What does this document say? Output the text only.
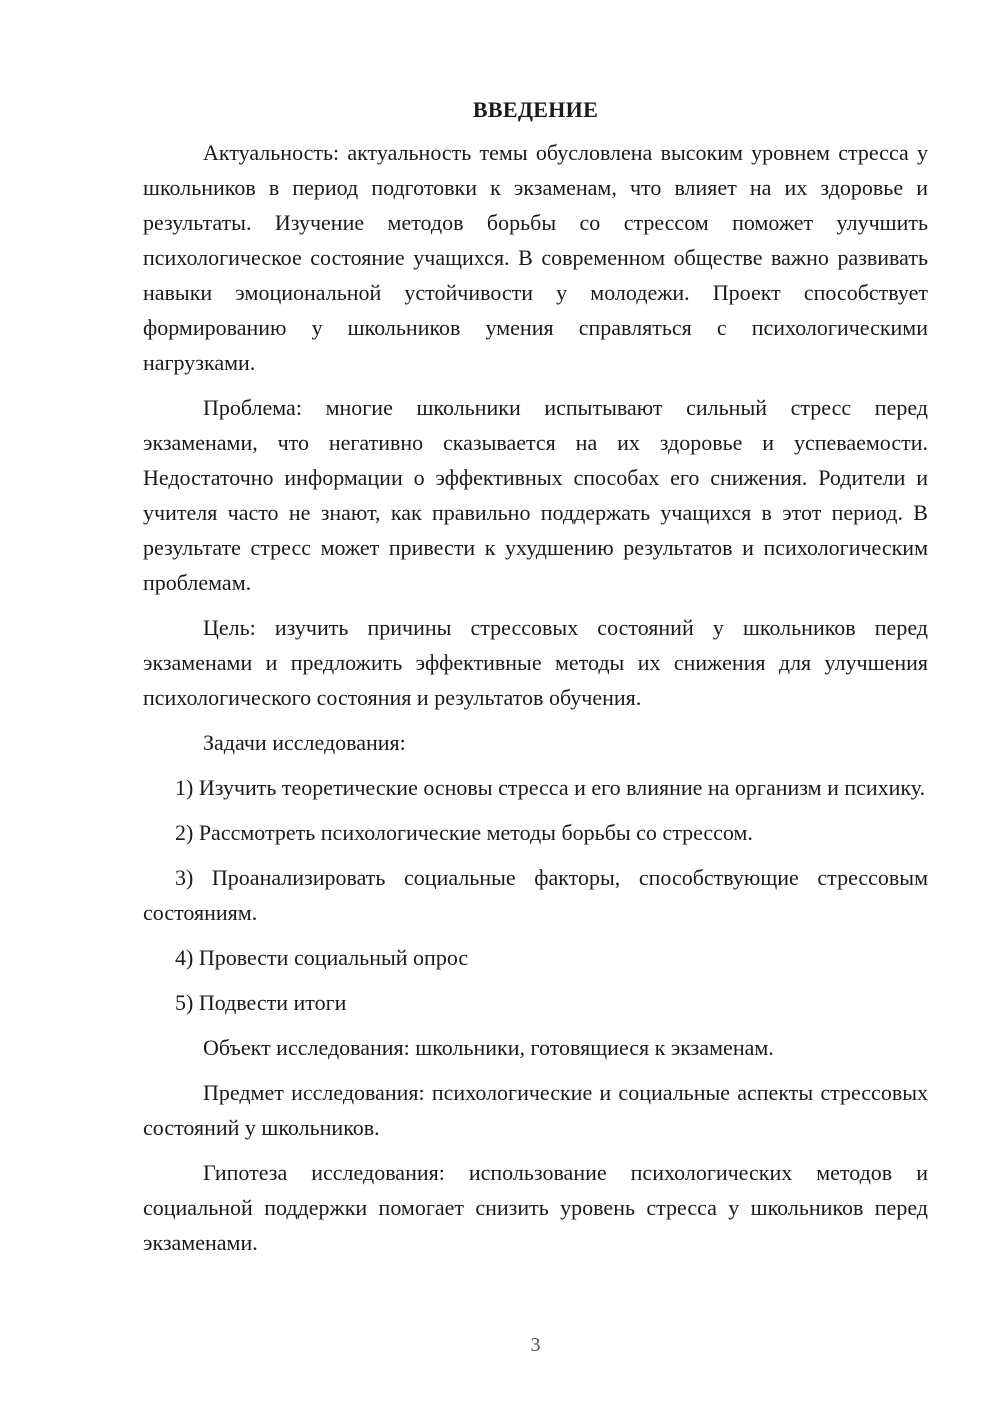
ВВЕДЕНИЕ

Актуальность: актуальность темы обусловлена высоким уровнем стресса у школьников в период подготовки к экзаменам, что влияет на их здоровье и результаты. Изучение методов борьбы со стрессом поможет улучшить психологическое состояние учащихся. В современном обществе важно развивать навыки эмоциональной устойчивости у молодежи. Проект способствует формированию у школьников умения справляться с психологическими нагрузками.

Проблема: многие школьники испытывают сильный стресс перед экзаменами, что негативно сказывается на их здоровье и успеваемости. Недостаточно информации о эффективных способах его снижения. Родители и учителя часто не знают, как правильно поддержать учащихся в этот период. В результате стресс может привести к ухудшению результатов и психологическим проблемам.

Цель: изучить причины стрессовых состояний у школьников перед экзаменами и предложить эффективные методы их снижения для улучшения психологического состояния и результатов обучения.

Задачи исследования:

1) Изучить теоретические основы стресса и его влияние на организм и психику.

2) Рассмотреть психологические методы борьбы со стрессом.

3) Проанализировать социальные факторы, способствующие стрессовым состояниям.

4) Провести социальный опрос

5) Подвести итоги

Объект исследования: школьники, готовящиеся к экзаменам.

Предмет исследования: психологические и социальные аспекты стрессовых состояний у школьников.

Гипотеза исследования: использование психологических методов и социальной поддержки помогает снизить уровень стресса у школьников перед экзаменами.

3
